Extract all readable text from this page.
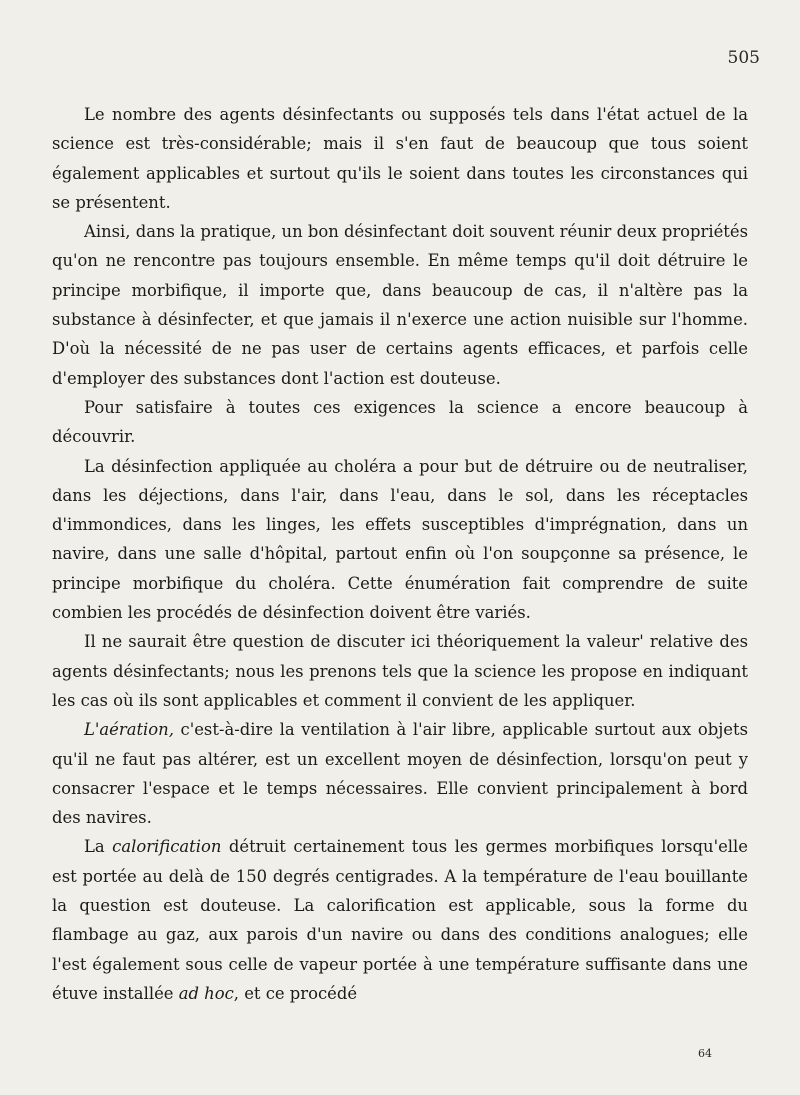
505

Le nombre des agents désinfectants ou supposés tels dans l'état actuel de la science est très-considérable; mais il s'en faut de beaucoup que tous soient également applicables et surtout qu'ils le soient dans toutes les circonstances qui se présentent.

Ainsi, dans la pratique, un bon désinfectant doit souvent réunir deux propriétés qu'on ne rencontre pas toujours ensemble. En même temps qu'il doit détruire le principe morbifique, il importe que, dans beaucoup de cas, il n'altère pas la substance à désinfecter, et que jamais il n'exerce une action nuisible sur l'homme. D'où la nécessité de ne pas user de certains agents efficaces, et parfois celle d'employer des substances dont l'action est douteuse.

Pour satisfaire à toutes ces exigences la science a encore beaucoup à découvrir.

La désinfection appliquée au choléra a pour but de détruire ou de neutraliser, dans les déjections, dans l'air, dans l'eau, dans le sol, dans les réceptacles d'immondices, dans les linges, les effets susceptibles d'imprégnation, dans un navire, dans une salle d'hôpital, partout enfin où l'on soupçonne sa présence, le principe morbifique du choléra. Cette énumération fait comprendre de suite combien les procédés de désinfection doivent être variés.

Il ne saurait être question de discuter ici théoriquement la valeur' relative des agents désinfectants; nous les prenons tels que la science les propose en indiquant les cas où ils sont applicables et comment il convient de les appliquer.

L'aération, c'est-à-dire la ventilation à l'air libre, applicable surtout aux objets qu'il ne faut pas altérer, est un excellent moyen de désinfection, lorsqu'on peut y consacrer l'espace et le temps nécessaires. Elle convient principalement à bord des navires.

La calorification détruit certainement tous les germes morbifiques lorsqu'elle est portée au delà de 150 degrés centigrades. A la température de l'eau bouillante la question est douteuse. La calorification est applicable, sous la forme du flambage au gaz, aux parois d'un navire ou dans des conditions analogues; elle l'est également sous celle de vapeur portée à une température suffisante dans une étuve installée ad hoc, et ce procédé

64
